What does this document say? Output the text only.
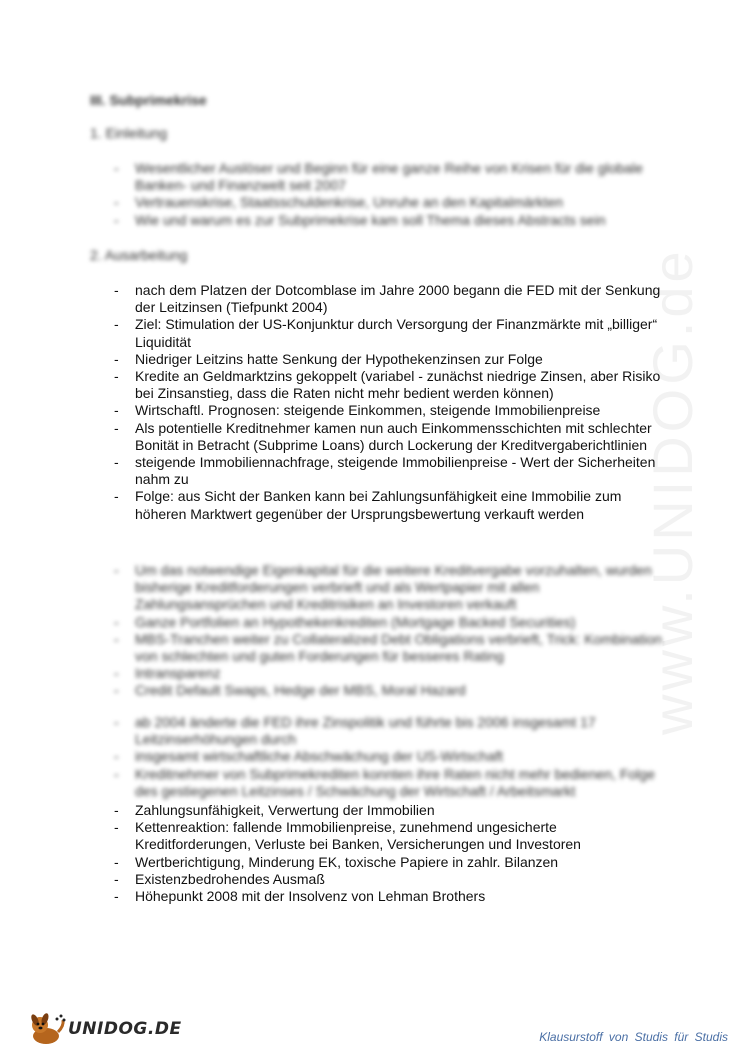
www.UNIDOG.de
III. Subprimekrise
1. Einleitung
- Wesentlicher Auslöser und Beginn für eine ganze Reihe von Krisen für die globale Banken- und Finanzwelt seit 2007
- Vertrauenskrise, Staatsschuldenkrise, Unruhe an den Kapitalmärkten
- Wie und warum es zur Subprimekrise kam soll Thema dieses Abstracts sein
2. Ausarbeitung
- nach dem Platzen der Dotcomblase im Jahre 2000 begann die FED mit der Senkung der Leitzinsen (Tiefpunkt 2004)
- Ziel: Stimulation der US-Konjunktur durch Versorgung der Finanzmärkte mit „billiger“ Liquidität
- Niedriger Leitzins hatte Senkung der Hypothekenzinsen zur Folge
- Kredite an Geldmarktzins gekoppelt (variabel - zunächst niedrige Zinsen, aber Risiko bei Zinsanstieg, dass die Raten nicht mehr bedient werden können)
- Wirtschaftl. Prognosen: steigende Einkommen, steigende Immobilienpreise
- Als potentielle Kreditnehmer kamen nun auch Einkommensschichten mit schlechter Bonität in Betracht (Subprime Loans) durch Lockerung der Kreditvergaberichtlinien
- steigende Immobiliennachfrage, steigende Immobilienpreise - Wert der Sicherheiten nahm zu
- Folge: aus Sicht der Banken kann bei Zahlungsunfähigkeit eine Immobilie zum höheren Marktwert gegenüber der Ursprungsbewertung verkauft werden
- Um das notwendige Eigenkapital für die weitere Kreditvergabe vorzuhalten, wurden bisherige Kreditforderungen verbrieft und als Wertpapier mit allen Zahlungsansprüchen und Kreditrisiken an Investoren verkauft
- Ganze Portfolien an Hypothekenkrediten (Mortgage Backed Securities)
- MBS-Tranchen weiter zu Collateralized Debt Obligations verbrieft, Trick: Kombination von schlechten und guten Forderungen für besseres Rating
- Intransparenz
- Credit Default Swaps, Hedge der MBS, Moral Hazard
- ab 2004 änderte die FED ihre Zinspolitik und führte bis 2006 insgesamt 17 Leitzinserhöhungen durch
- insgesamt wirtschaftliche Abschwächung der US-Wirtschaft
- Kreditnehmer von Subprimekrediten konnten ihre Raten nicht mehr bedienen, Folge des gestiegenen Leitzinses / Schwächung der Wirtschaft / Arbeitsmarkt
- Zahlungsunfähigkeit, Verwertung der Immobilien
- Kettenreaktion: fallende Immobilienpreise, zunehmend ungesicherte Kreditforderungen, Verluste bei Banken, Versicherungen und Investoren
- Wertberichtigung, Minderung EK, toxische Papiere in zahlr. Bilanzen
- Existenzbedrohendes Ausmaß
- Höhepunkt 2008 mit der Insolvenz von Lehman Brothers
UNIDOG.DE	Klausurstoff von Studis für Studis
